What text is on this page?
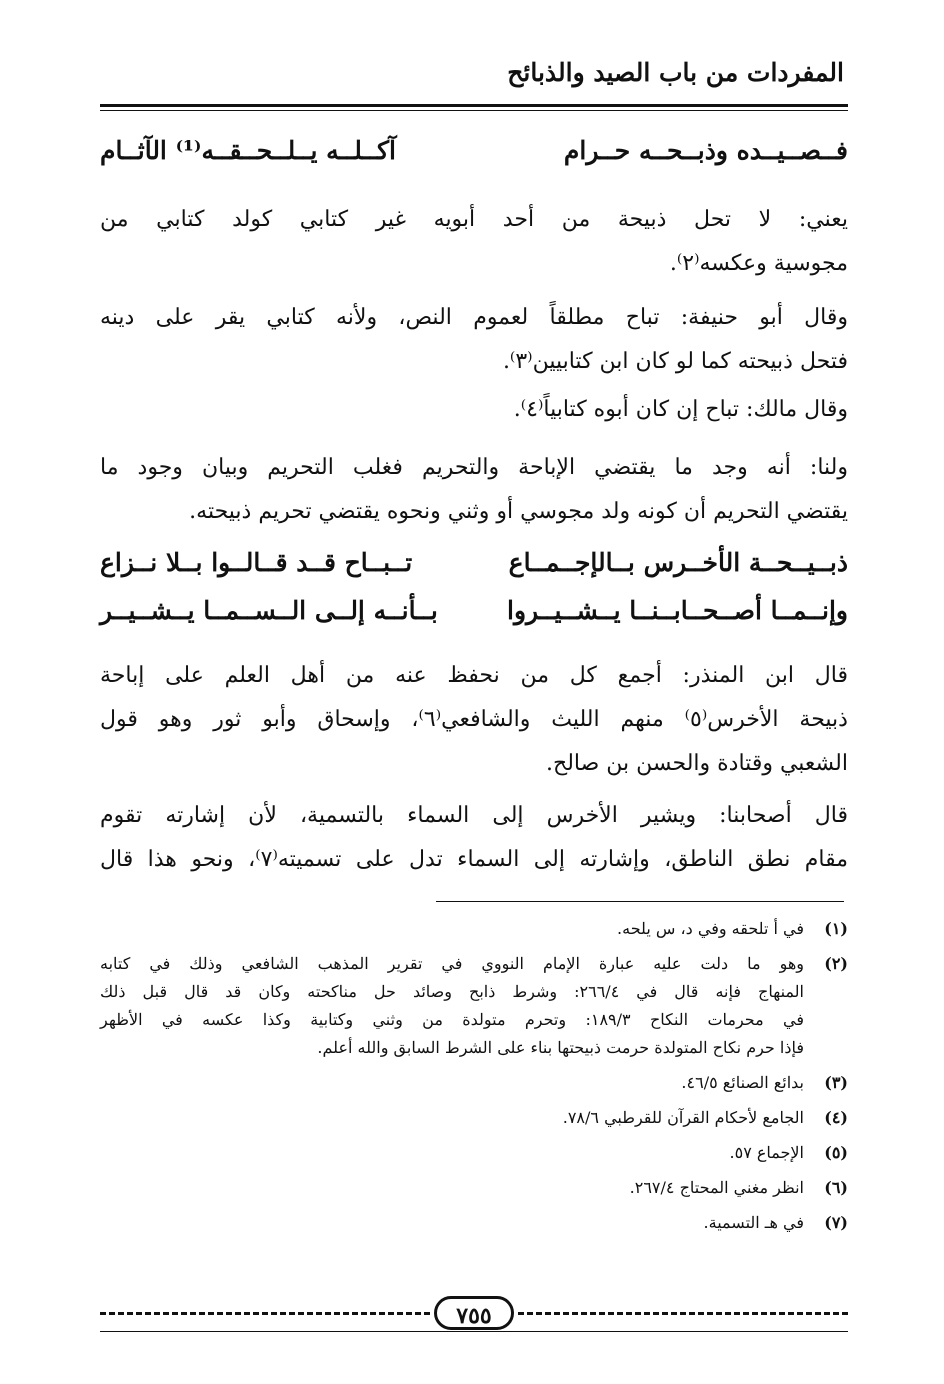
المفردات من باب الصيد والذبائح
فــصــيــده وذبــحــه حــرام
آكــلــه يــلــحــقــه⁽¹⁾ الآثــام
يعني: لا تحل ذبيحة من أحد أبويه غير كتابي كولد كتابي من
مجوسية وعكسه⁽٢⁾.
وقال أبو حنيفة: تباح مطلقاً لعموم النص، ولأنه كتابي يقر على دينه
فتحل ذبيحته كما لو كان ابن كتابيين⁽٣⁾.
وقال مالك: تباح إن كان أبوه كتابياً⁽٤⁾.
ولنا: أنه وجد ما يقتضي الإباحة والتحريم فغلب التحريم وبيان وجود ما
يقتضي التحريم أن كونه ولد مجوسي أو وثني ونحوه يقتضي تحريم ذبيحته.
ذبــيــحــة الأخــرس بــالإجــمــاع
تــبــاح قــد قــالــوا بــلا نــزاع
وإنــمــا أصــحــابــنــا يــشــيــروا
بــأنــه إلــى الــســمــا يــشــيــر
قال ابن المنذر: أجمع كل من نحفظ عنه من أهل العلم على إباحة
ذبيحة الأخرس⁽٥⁾ منهم الليث والشافعي⁽٦⁾، وإسحاق وأبو ثور وهو قول
الشعبي وقتادة والحسن بن صالح.
قال أصحابنا: ويشير الأخرس إلى السماء بالتسمية، لأن إشارته تقوم
مقام نطق الناطق، وإشارته إلى السماء تدل على تسميته⁽٧⁾، ونحو هذا قال
(١)
في أ تلحقه وفي د، س يلحه.
(٢)
وهو ما دلت عليه عبارة الإمام النووي في تقرير المذهب الشافعي وذلك في كتابه
المنهاج فإنه قال في ٢٦٦/٤: وشرط ذابح وصائد حل مناكحته وكان قد قال قبل ذلك
في محرمات النكاح ١٨٩/٣: وتحرم متولدة من وثني وكتابية وكذا عكسه في الأظهر
فإذا حرم نكاح المتولدة حرمت ذبيحتها بناء على الشرط السابق والله أعلم.
(٣)
بدائع الصنائع ٤٦/٥.
(٤)
الجامع لأحكام القرآن للقرطبي ٧٨/٦.
(٥)
الإجماع ٥٧.
(٦)
انظر مغني المحتاج ٢٦٧/٤.
(٧)
في هـ التسمية.
٧٥٥
